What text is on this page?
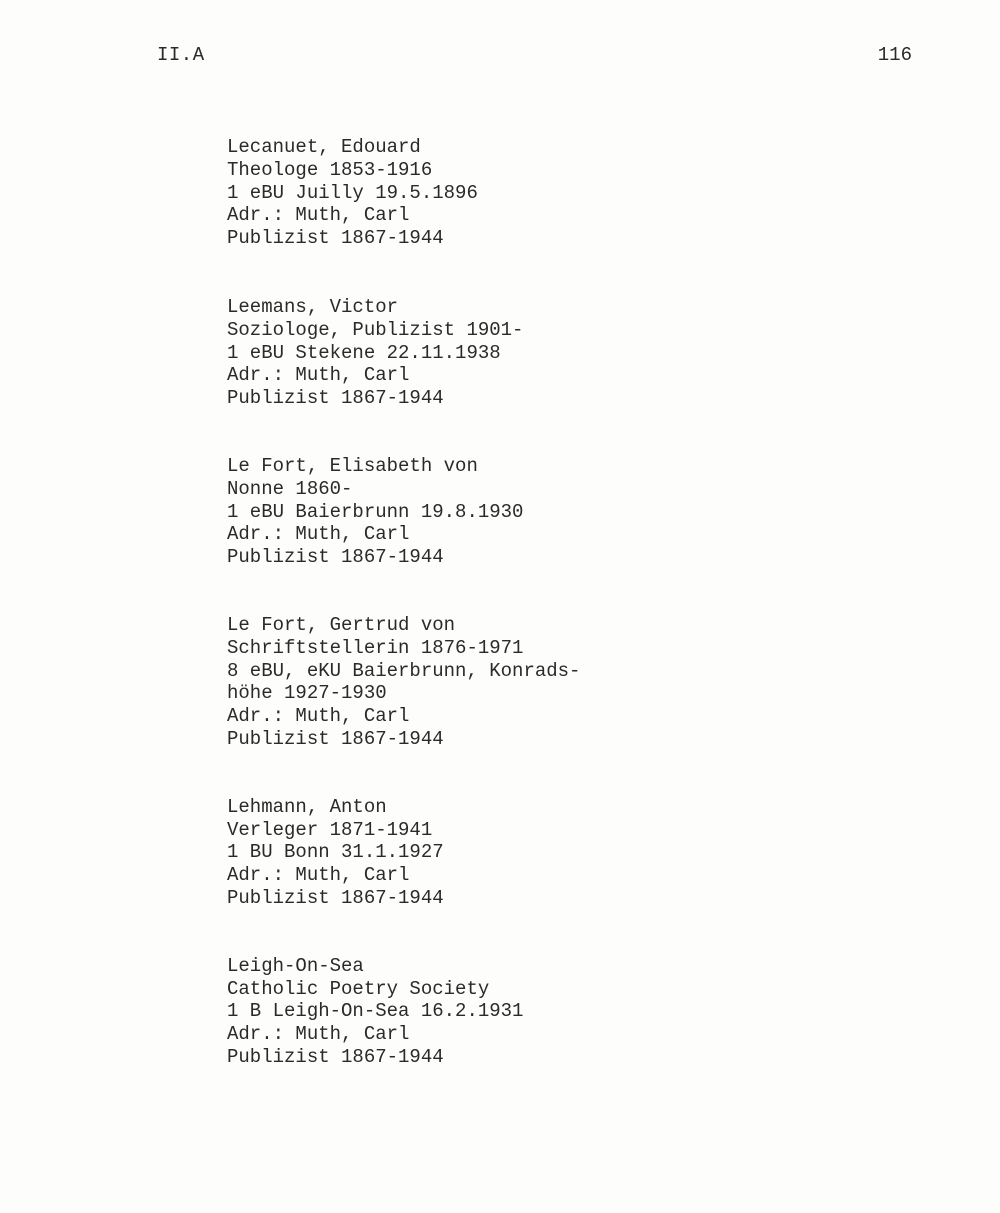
II.A	116
Lecanuet, Edouard
Theologe 1853-1916
1 eBU Juilly 19.5.1896
Adr.: Muth, Carl
Publizist 1867-1944
Leemans, Victor
Soziologe, Publizist 1901-
1 eBU Stekene 22.11.1938
Adr.: Muth, Carl
Publizist 1867-1944
Le Fort, Elisabeth von
Nonne 1860-
1 eBU Baierbrunn 19.8.1930
Adr.: Muth, Carl
Publizist 1867-1944
Le Fort, Gertrud von
Schriftstellerin 1876-1971
8 eBU, eKU Baierbrunn, Konrads-
höhe 1927-1930
Adr.: Muth, Carl
Publizist 1867-1944
Lehmann, Anton
Verleger 1871-1941
1 BU Bonn 31.1.1927
Adr.: Muth, Carl
Publizist 1867-1944
Leigh-On-Sea
Catholic Poetry Society
1 B Leigh-On-Sea 16.2.1931
Adr.: Muth, Carl
Publizist 1867-1944
